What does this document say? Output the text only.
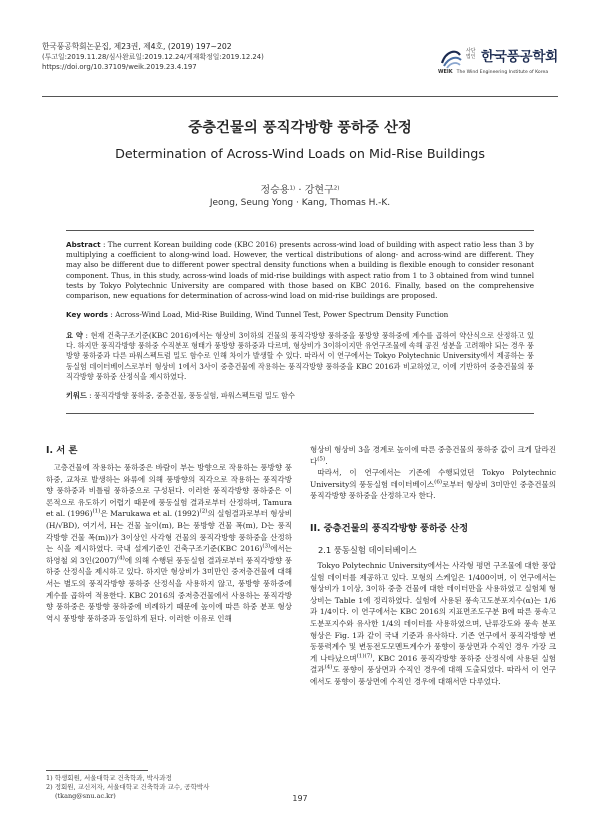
한국풍공학회논문집, 제23권, 제4호, (2019) 197~202
(투고일:2019.11.28/심사완료일:2019.12.24/게재확정일:2019.12.24)
https://doi.org/10.37109/weik.2019.23.4.197
사단
법인 한국풍공학회
WEIK The Wind Engineering Institute of Korea
중층건물의 풍직각방향 풍하중 산정
Determination of Across-Wind Loads on Mid-Rise Buildings
정승용$^{1)}$ · 강현구$^{2)}$
Jeong, Seung Yong · Kang, Thomas H.-K.
Abstract : The current Korean building code (KBC 2016) presents across-wind load of building with aspect ratio less than 3 by multiplying a coefficient to along-wind load. However, the vertical distributions of along- and across-wind are different. They may also be different due to different power spectral density functions when a building is flexible enough to consider resonant component. Thus, in this study, across-wind loads of mid-rise buildings with aspect ratio from 1 to 3 obtained from wind tunnel tests by Tokyo Polytechnic University are compared with those based on KBC 2016. Finally, based on the comprehensive comparison, new equations for determination of across-wind load on mid-rise buildings are proposed.
Key words : Across-Wind Load, Mid-Rise Building, Wind Tunnel Test, Power Spectrum Density Function
요 약 : 현재 건축구조기준(KBC 2016)에서는 형상비 3이하의 건물의 풍직각방향 풍하중을 풍방향 풍하중에 계수를 곱하여 약산식으로 산정하고 있다. 하지만 풍직각방향 풍하중 수직분포 형태가 풍방향 풍하중과 다르며, 형상비가 3이하이지만 유연구조물에 속해 공진 성분을 고려해야 되는 경우 풍방향 풍하중과 다른 파워스펙트럼 밀도 함수로 인해 차이가 발생할 수 있다. 따라서 이 연구에서는 Tokyo Polytechnic University에서 제공하는 풍동실험 데이터베이스로부터 형상비 1에서 3사이 중층건물에 작용하는 풍직각방향 풍하중을 KBC 2016과 비교하였고, 이에 기반하여 중층건물의 풍직각방향 풍하중 산정식을 제시하였다.
키워드 : 풍직각방향 풍하중, 중층건물, 풍동실험, 파워스펙트럼 밀도 함수
I. 서 론

고층건물에 작용하는 풍하중은 바람이 부는 방향으로 작용하는 풍방향 풍하중, 교차로 발생하는 와류에 의해 풍방향의 직각으로 작용하는 풍직각방향 풍하중과 비틀림 풍하중으로 구성된다. 이러한 풍직각방향 풍하중은 이론적으로 유도하기 어렵기 때문에 풍동실험 결과로부터 산정하며, Tamura et al. $(1996)^{(1)}$은 Marukawa et al. $(1992)^{(2)}$의 실험결과로부터 형상비(H/√BD), 여기서, H는 건물 높이(m), B는 풍방향 건물 폭(m), D는 풍직각방향 건물 폭(m))가 3이상인 사각형 건물의 풍직각방향 풍하중을 산정하는 식을 제시하였다. 국내 설계기준인 건축구조기준(KBC 2016)$^{(3)}$에서는 하영철 외 3인$(2007)^{(4)}$에 의해 수행된 풍동실험 결과로부터 풍직각방향 풍하중 산정식을 제시하고 있다. 하지만 형상비가 3미만인 중저층건물에 대해서는 별도의 풍직각방향 풍하중 산정식을 사용하지 않고, 풍방향 풍하중에 계수를 곱하여 적용한다. KBC 2016의 중저층건물에서 사용하는 풍직각방향 풍하중은 풍방향 풍하중에 비례하기 때문에 높이에 따른 하중 분포 형상 역시 풍방향 풍하중과 동일하게 된다. 이러한 이유로 인해

형상비 형상비 3을 경계로 높이에 따른 중층건물의 풍하중 값이 크게 달라진다$^{(5)}$.

따라서, 이 연구에서는 기존에 수행되었던 Tokyo Polytechnic University의 풍동실험 데이터베이스$^{(6)}$로부터 형상비 3미만인 중층건물의 풍직각방향 풍하중을 산정하고자 한다.

II. 중층건물의 풍직각방향 풍하중 산정
2.1 풍동실험 데이터베이스

Tokyo Polytechnic University에서는 사각형 평면 구조물에 대한 풍압실험 데이터를 제공하고 있다. 모형의 스케일은 1/400이며, 이 연구에서는 형상비가 1이상, 3이하 중층 건물에 대한 데이터만을 사용하였고 실험체 형상비는 Table 1에 정리하였다. 실험에 사용된 풍속고도분포지수(α)는 1/6과 1/4이다. 이 연구에서는 KBC 2016의 지표면조도구분 B에 따른 풍속고도분포지수와 유사한 1/4의 데이터를 사용하였으며, 난류강도와 풍속 분포 형상은 Fig. 1과 같이 국내 기준과 유사하다. 기존 연구에서 풍직각방향 변동풍력계수 및 변동전도모멘트계수가 풍향이 풍상면과 수직인 경우 가장 크게 나타났으며$^{(1)(7)}$, KBC 2016 풍직각방향 풍하중 산정식에 사용된 실험 결과$^{(4)}$도 풍향이 풍상면과 수직인 경우에 대해 도출되었다. 따라서 이 연구에서도 풍향이 풍상면에 수직인 경우에 대해서만 다루었다.

1) 학생회원, 서울대학교 건축학과, 박사과정
2) 정회원, 교신저자, 서울대학교 건축학과 교수, 공학박사
(tkang@snu.ac.kr)	197
